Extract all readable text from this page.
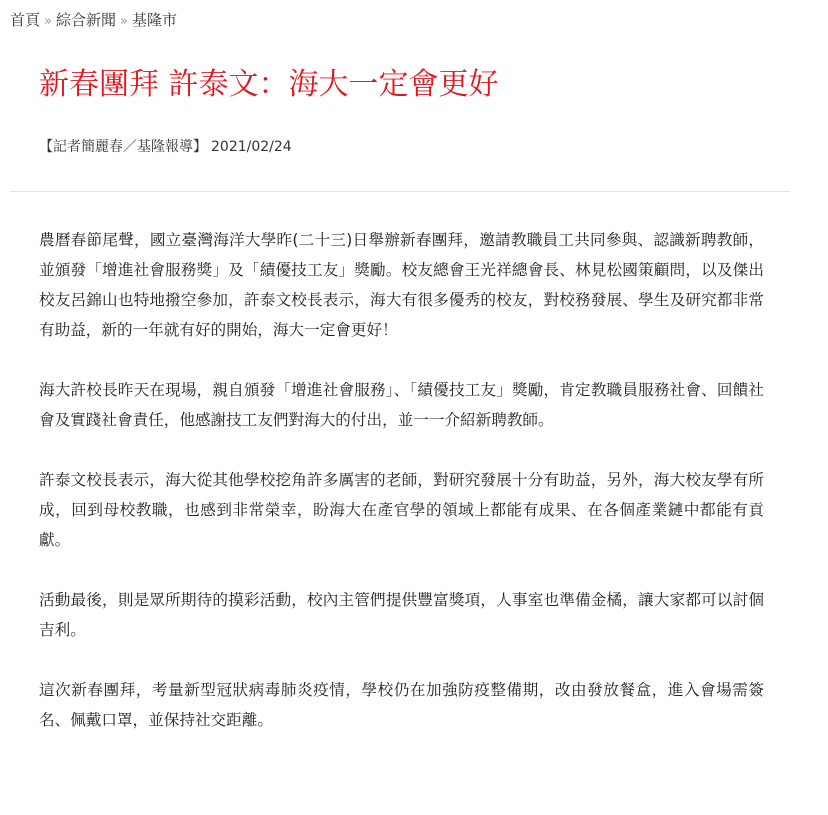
首頁 » 綜合新聞 » 基隆市
新春團拜 許泰文：海大一定會更好
【記者簡麗春／基隆報導】 2021/02/24

農曆春節尾聲，國立臺灣海洋大學昨(二十三)日舉辦新春團拜，邀請教職員工共同參與、認識新聘教師，並頒發「增進社會服務獎」及「績優技工友」獎勵。校友總會王光祥總會長、林見松國策顧問，以及傑出校友呂錦山也特地撥空參加，許泰文校長表示，海大有很多優秀的校友，對校務發展、學生及研究都非常有助益，新的一年就有好的開始，海大一定會更好！

海大許校長昨天在現場，親自頒發「增進社會服務」、「績優技工友」獎勵，肯定教職員服務社會、回饋社會及實踐社會責任，他感謝技工友們對海大的付出，並一一介紹新聘教師。

許泰文校長表示，海大從其他學校挖角許多厲害的老師，對研究發展十分有助益，另外，海大校友學有所成，回到母校教職，也感到非常榮幸，盼海大在產官學的領域上都能有成果、在各個產業鏈中都能有貢獻。

活動最後，則是眾所期待的摸彩活動，校內主管們提供豐富獎項，人事室也準備金橘，讓大家都可以討個吉利。

這次新春團拜，考量新型冠狀病毒肺炎疫情，學校仍在加強防疫整備期，改由發放餐盒，進入會場需簽名、佩戴口罩，並保持社交距離。
